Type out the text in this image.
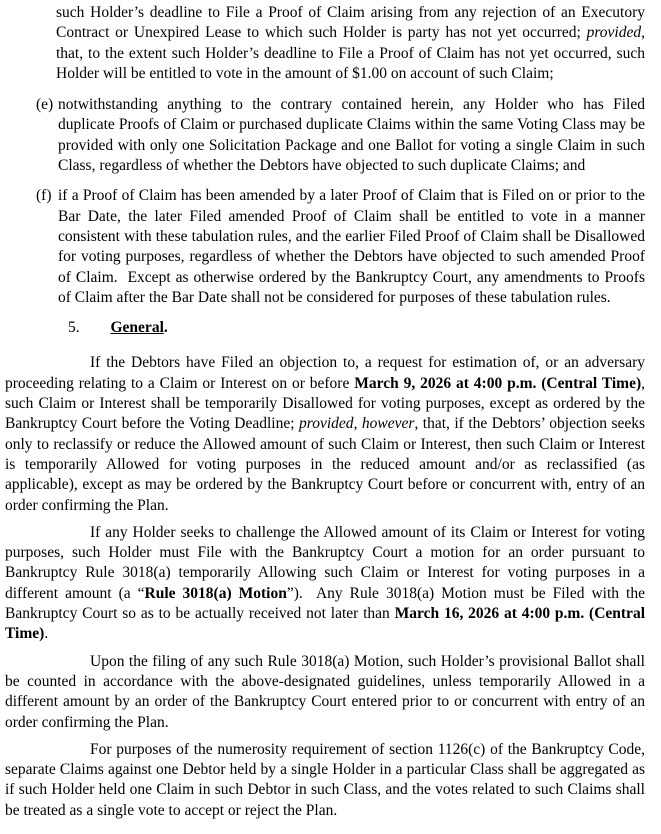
such Holder’s deadline to File a Proof of Claim arising from any rejection of an Executory Contract or Unexpired Lease to which such Holder is party has not yet occurred; provided, that, to the extent such Holder’s deadline to File a Proof of Claim has not yet occurred, such Holder will be entitled to vote in the amount of $1.00 on account of such Claim;

(e) notwithstanding anything to the contrary contained herein, any Holder who has Filed duplicate Proofs of Claim or purchased duplicate Claims within the same Voting Class may be provided with only one Solicitation Package and one Ballot for voting a single Claim in such Class, regardless of whether the Debtors have objected to such duplicate Claims; and

(f) if a Proof of Claim has been amended by a later Proof of Claim that is Filed on or prior to the Bar Date, the later Filed amended Proof of Claim shall be entitled to vote in a manner consistent with these tabulation rules, and the earlier Filed Proof of Claim shall be Disallowed for voting purposes, regardless of whether the Debtors have objected to such amended Proof of Claim.  Except as otherwise ordered by the Bankruptcy Court, any amendments to Proofs of Claim after the Bar Date shall not be considered for purposes of these tabulation rules.

5. General.

If the Debtors have Filed an objection to, a request for estimation of, or an adversary proceeding relating to a Claim or Interest on or before March 9, 2026 at 4:00 p.m. (Central Time), such Claim or Interest shall be temporarily Disallowed for voting purposes, except as ordered by the Bankruptcy Court before the Voting Deadline; provided, however, that, if the Debtors’ objection seeks only to reclassify or reduce the Allowed amount of such Claim or Interest, then such Claim or Interest is temporarily Allowed for voting purposes in the reduced amount and/or as reclassified (as applicable), except as may be ordered by the Bankruptcy Court before or concurrent with, entry of an order confirming the Plan.

If any Holder seeks to challenge the Allowed amount of its Claim or Interest for voting purposes, such Holder must File with the Bankruptcy Court a motion for an order pursuant to Bankruptcy Rule 3018(a) temporarily Allowing such Claim or Interest for voting purposes in a different amount (a “Rule 3018(a) Motion”).  Any Rule 3018(a) Motion must be Filed with the Bankruptcy Court so as to be actually received not later than March 16, 2026 at 4:00 p.m. (Central Time).

Upon the filing of any such Rule 3018(a) Motion, such Holder’s provisional Ballot shall be counted in accordance with the above-designated guidelines, unless temporarily Allowed in a different amount by an order of the Bankruptcy Court entered prior to or concurrent with entry of an order confirming the Plan.

For purposes of the numerosity requirement of section 1126(c) of the Bankruptcy Code, separate Claims against one Debtor held by a single Holder in a particular Class shall be aggregated as if such Holder held one Claim in such Debtor in such Class, and the votes related to such Claims shall be treated as a single vote to accept or reject the Plan.
